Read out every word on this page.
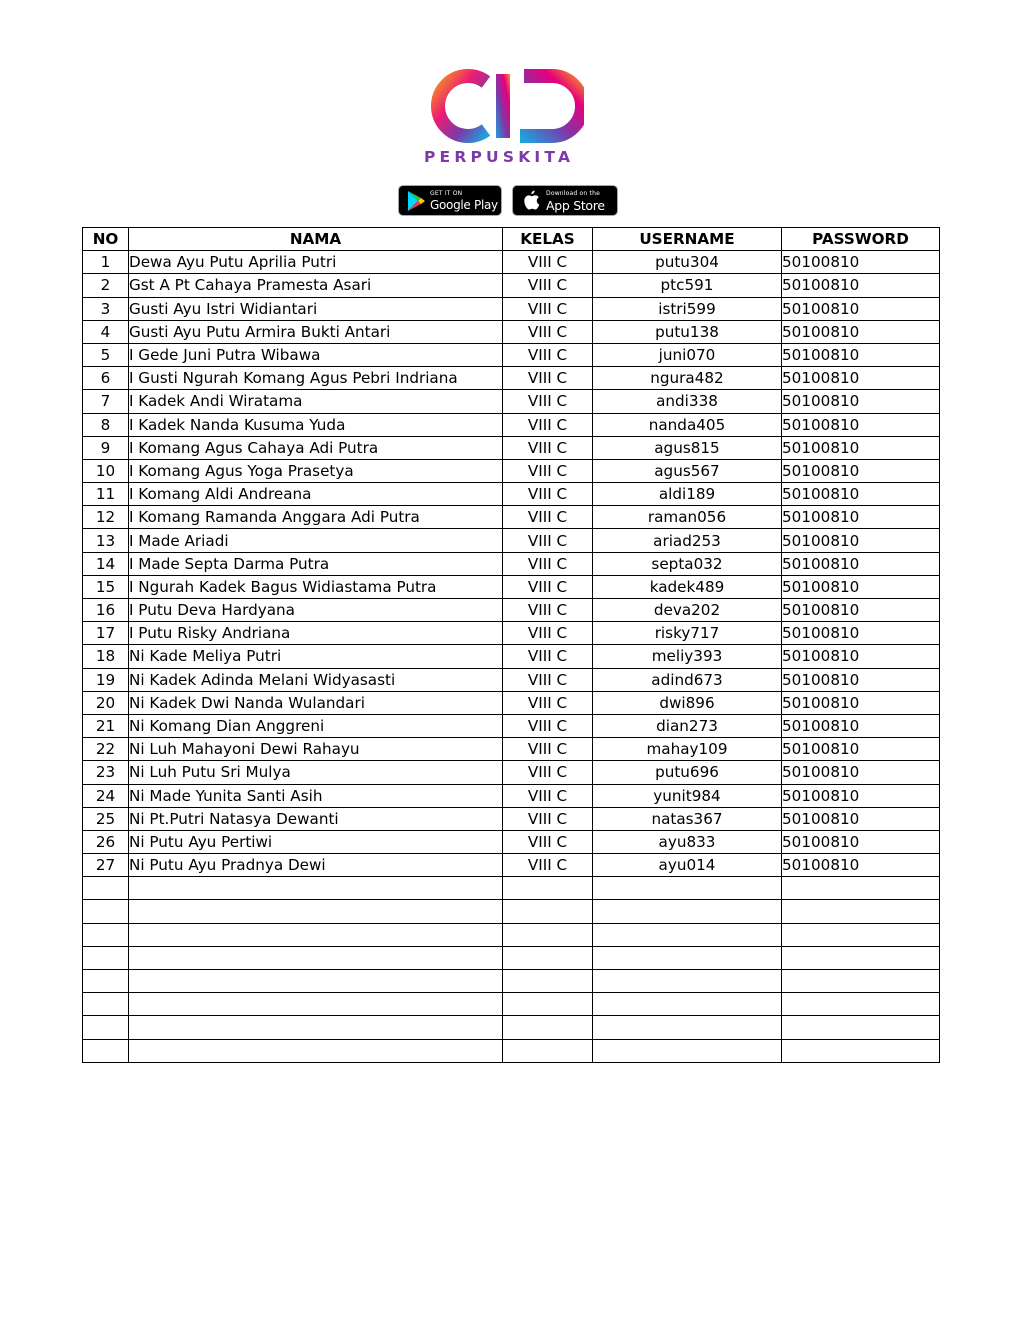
PERPUSKITA
GET IT ON
Google Play
Download on the
App Store
NO	NAMA	KELAS	USERNAME	PASSWORD
1	Dewa Ayu Putu Aprilia Putri	VIII C	putu304	50100810
2	Gst A Pt Cahaya Pramesta Asari	VIII C	ptc591	50100810
3	Gusti Ayu Istri Widiantari	VIII C	istri599	50100810
4	Gusti Ayu Putu Armira Bukti Antari	VIII C	putu138	50100810
5	I Gede Juni Putra Wibawa	VIII C	juni070	50100810
6	I Gusti Ngurah Komang Agus Pebri Indriana	VIII C	ngura482	50100810
7	I Kadek Andi Wiratama	VIII C	andi338	50100810
8	I Kadek Nanda Kusuma Yuda	VIII C	nanda405	50100810
9	I Komang Agus Cahaya Adi Putra	VIII C	agus815	50100810
10	I Komang Agus Yoga Prasetya	VIII C	agus567	50100810
11	I Komang Aldi Andreana	VIII C	aldi189	50100810
12	I Komang Ramanda Anggara Adi Putra	VIII C	raman056	50100810
13	I Made Ariadi	VIII C	ariad253	50100810
14	I Made Septa Darma Putra	VIII C	septa032	50100810
15	I Ngurah Kadek Bagus Widiastama Putra	VIII C	kadek489	50100810
16	I Putu Deva Hardyana	VIII C	deva202	50100810
17	I Putu Risky Andriana	VIII C	risky717	50100810
18	Ni Kade Meliya Putri	VIII C	meliy393	50100810
19	Ni Kadek Adinda Melani Widyasasti	VIII C	adind673	50100810
20	Ni Kadek Dwi Nanda Wulandari	VIII C	dwi896	50100810
21	Ni Komang Dian Anggreni	VIII C	dian273	50100810
22	Ni Luh Mahayoni Dewi Rahayu	VIII C	mahay109	50100810
23	Ni Luh Putu Sri Mulya	VIII C	putu696	50100810
24	Ni Made Yunita Santi Asih	VIII C	yunit984	50100810
25	Ni Pt.Putri Natasya Dewanti	VIII C	natas367	50100810
26	Ni Putu Ayu Pertiwi	VIII C	ayu833	50100810
27	Ni Putu Ayu Pradnya Dewi	VIII C	ayu014	50100810
